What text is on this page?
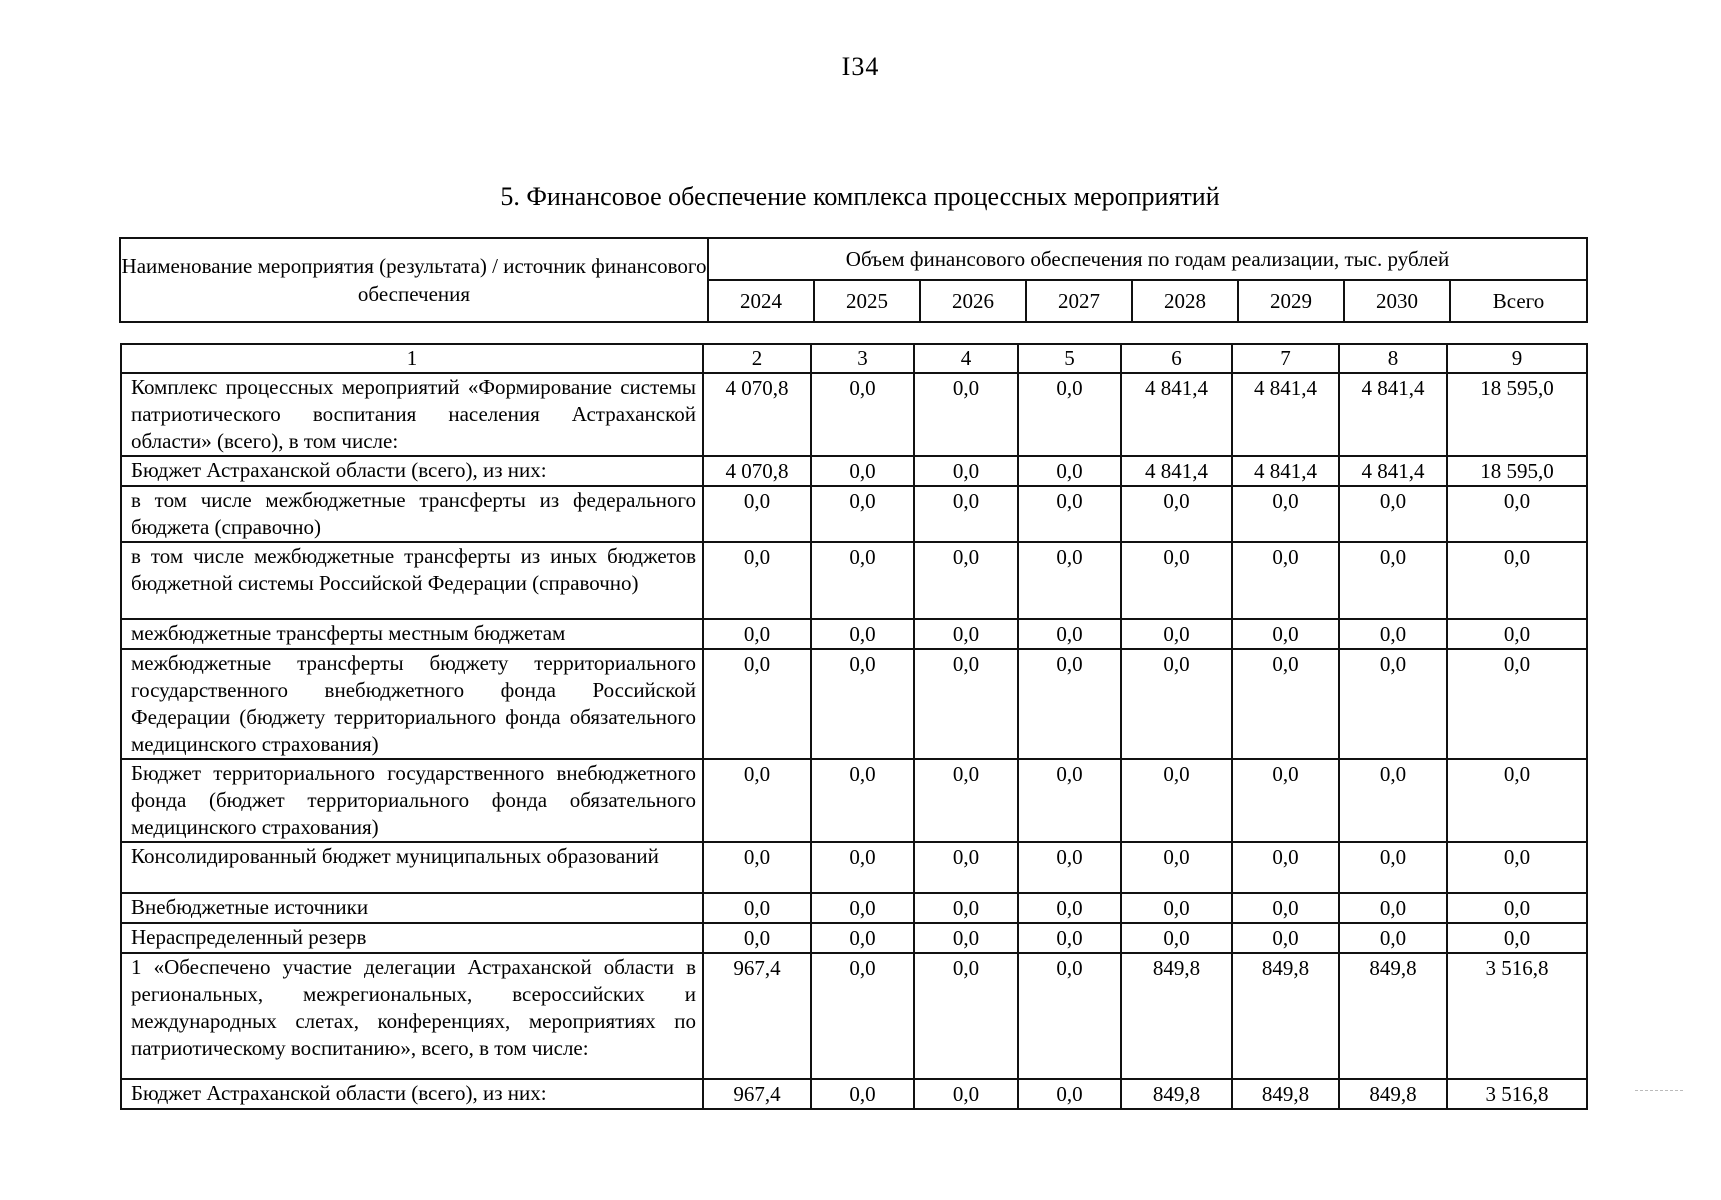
I34
5. Финансовое обеспечение комплекса процессных мероприятий
Наименование мероприятия (результата) / источник финансового обеспечения	Объем финансового обеспечения по годам реализации, тыс. рублей							
	2024	2025	2026	2027	2028	2029	2030	Всего
1	2	3	4	5	6	7	8	9
Комплекс процессных мероприятий «Формирование системы патриотического воспитания населения Астраханской области» (всего), в том числе:	4 070,8	0,0	0,0	0,0	4 841,4	4 841,4	4 841,4	18 595,0
Бюджет Астраханской области (всего), из них:	4 070,8	0,0	0,0	0,0	4 841,4	4 841,4	4 841,4	18 595,0
в том числе межбюджетные трансферты из федерального бюджета (справочно)	0,0	0,0	0,0	0,0	0,0	0,0	0,0	0,0
в том числе межбюджетные трансферты из иных бюджетов бюджетной системы Российской Федерации (справочно)	0,0	0,0	0,0	0,0	0,0	0,0	0,0	0,0
межбюджетные трансферты местным бюджетам	0,0	0,0	0,0	0,0	0,0	0,0	0,0	0,0
межбюджетные трансферты бюджету территориального государственного внебюджетного фонда Российской Федерации (бюджету территориального фонда обязательного медицинского страхования)	0,0	0,0	0,0	0,0	0,0	0,0	0,0	0,0
Бюджет территориального государственного внебюджетного фонда (бюджет территориального фонда обязательного медицинского страхования)	0,0	0,0	0,0	0,0	0,0	0,0	0,0	0,0
Консолидированный бюджет муниципальных образований	0,0	0,0	0,0	0,0	0,0	0,0	0,0	0,0
Внебюджетные источники	0,0	0,0	0,0	0,0	0,0	0,0	0,0	0,0
Нераспределенный резерв	0,0	0,0	0,0	0,0	0,0	0,0	0,0	0,0
1 «Обеспечено участие делегации Астраханской области в региональных, межрегиональных, всероссийских и международных слетах, конференциях, мероприятиях по патриотическому воспитанию», всего, в том числе:	967,4	0,0	0,0	0,0	849,8	849,8	849,8	3 516,8
Бюджет Астраханской области (всего), из них:	967,4	0,0	0,0	0,0	849,8	849,8	849,8	3 516,8
